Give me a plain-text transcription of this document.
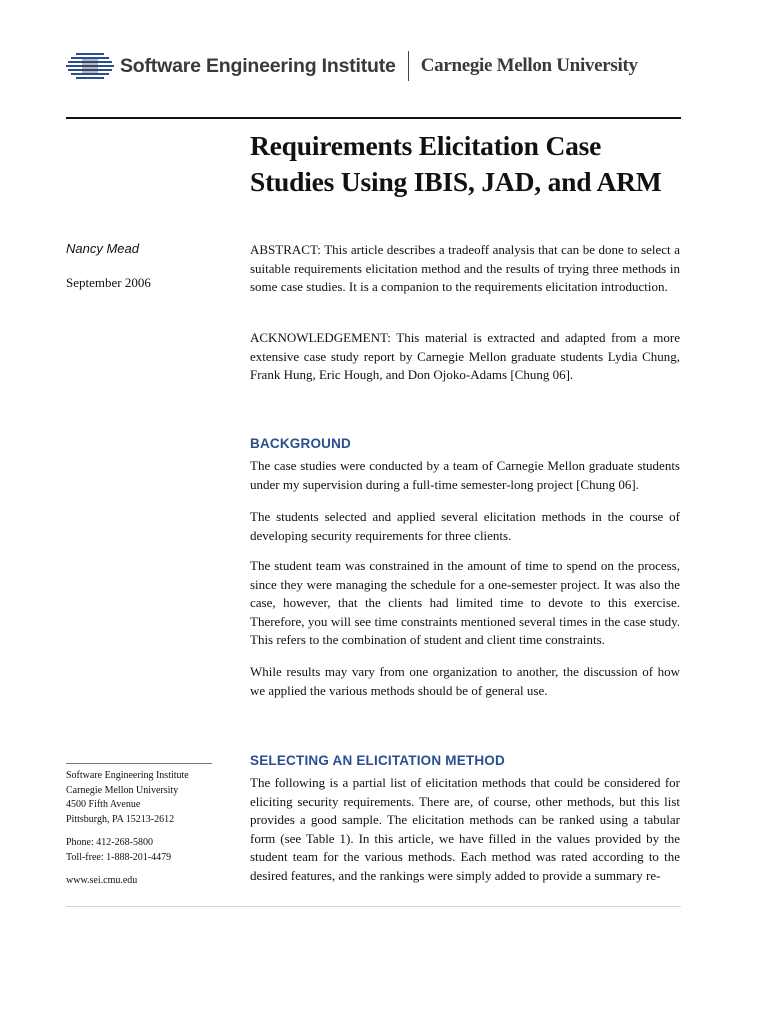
Software Engineering Institute Carnegie Mellon University
Requirements Elicitation Case
Studies Using IBIS, JAD, and ARM
Nancy Mead
September 2006

ABSTRACT: This article describes a tradeoff analysis that can be done to select a suitable requirements elicitation method and the results of trying three methods in some case studies. It is a companion to the requirements elicitation introduction.

ACKNOWLEDGEMENT: This material is extracted and adapted from a more extensive case study report by Carnegie Mellon graduate students Lydia Chung, Frank Hung, Eric Hough, and Don Ojoko-Adams [Chung 06].

BACKGROUND
The case studies were conducted by a team of Carnegie Mellon graduate students under my supervision during a full-time semester-long project [Chung 06].
The students selected and applied several elicitation methods in the course of developing security requirements for three clients.
The student team was constrained in the amount of time to spend on the process, since they were managing the schedule for a one-semester project. It was also the case, however, that the clients had limited time to devote to this exercise. Therefore, you will see time constraints mentioned several times in the case study. This refers to the combination of student and client time constraints.
While results may vary from one organization to another, the discussion of how we applied the various methods should be of general use.
SELECTING AN ELICITATION METHOD
The following is a partial list of elicitation methods that could be considered for eliciting security requirements. There are, of course, other methods, but this list provides a good sample. The elicitation methods can be ranked using a tabular form (see Table 1). In this article, we have filled in the values provided by the student team for the various methods. Each method was rated according to the desired features, and the rankings were simply added to provide a summary re-
Software Engineering Institute
Carnegie Mellon University
4500 Fifth Avenue
Pittsburgh, PA 15213-2612
Phone: 412-268-5800
Toll-free: 1-888-201-4479
www.sei.cmu.edu
